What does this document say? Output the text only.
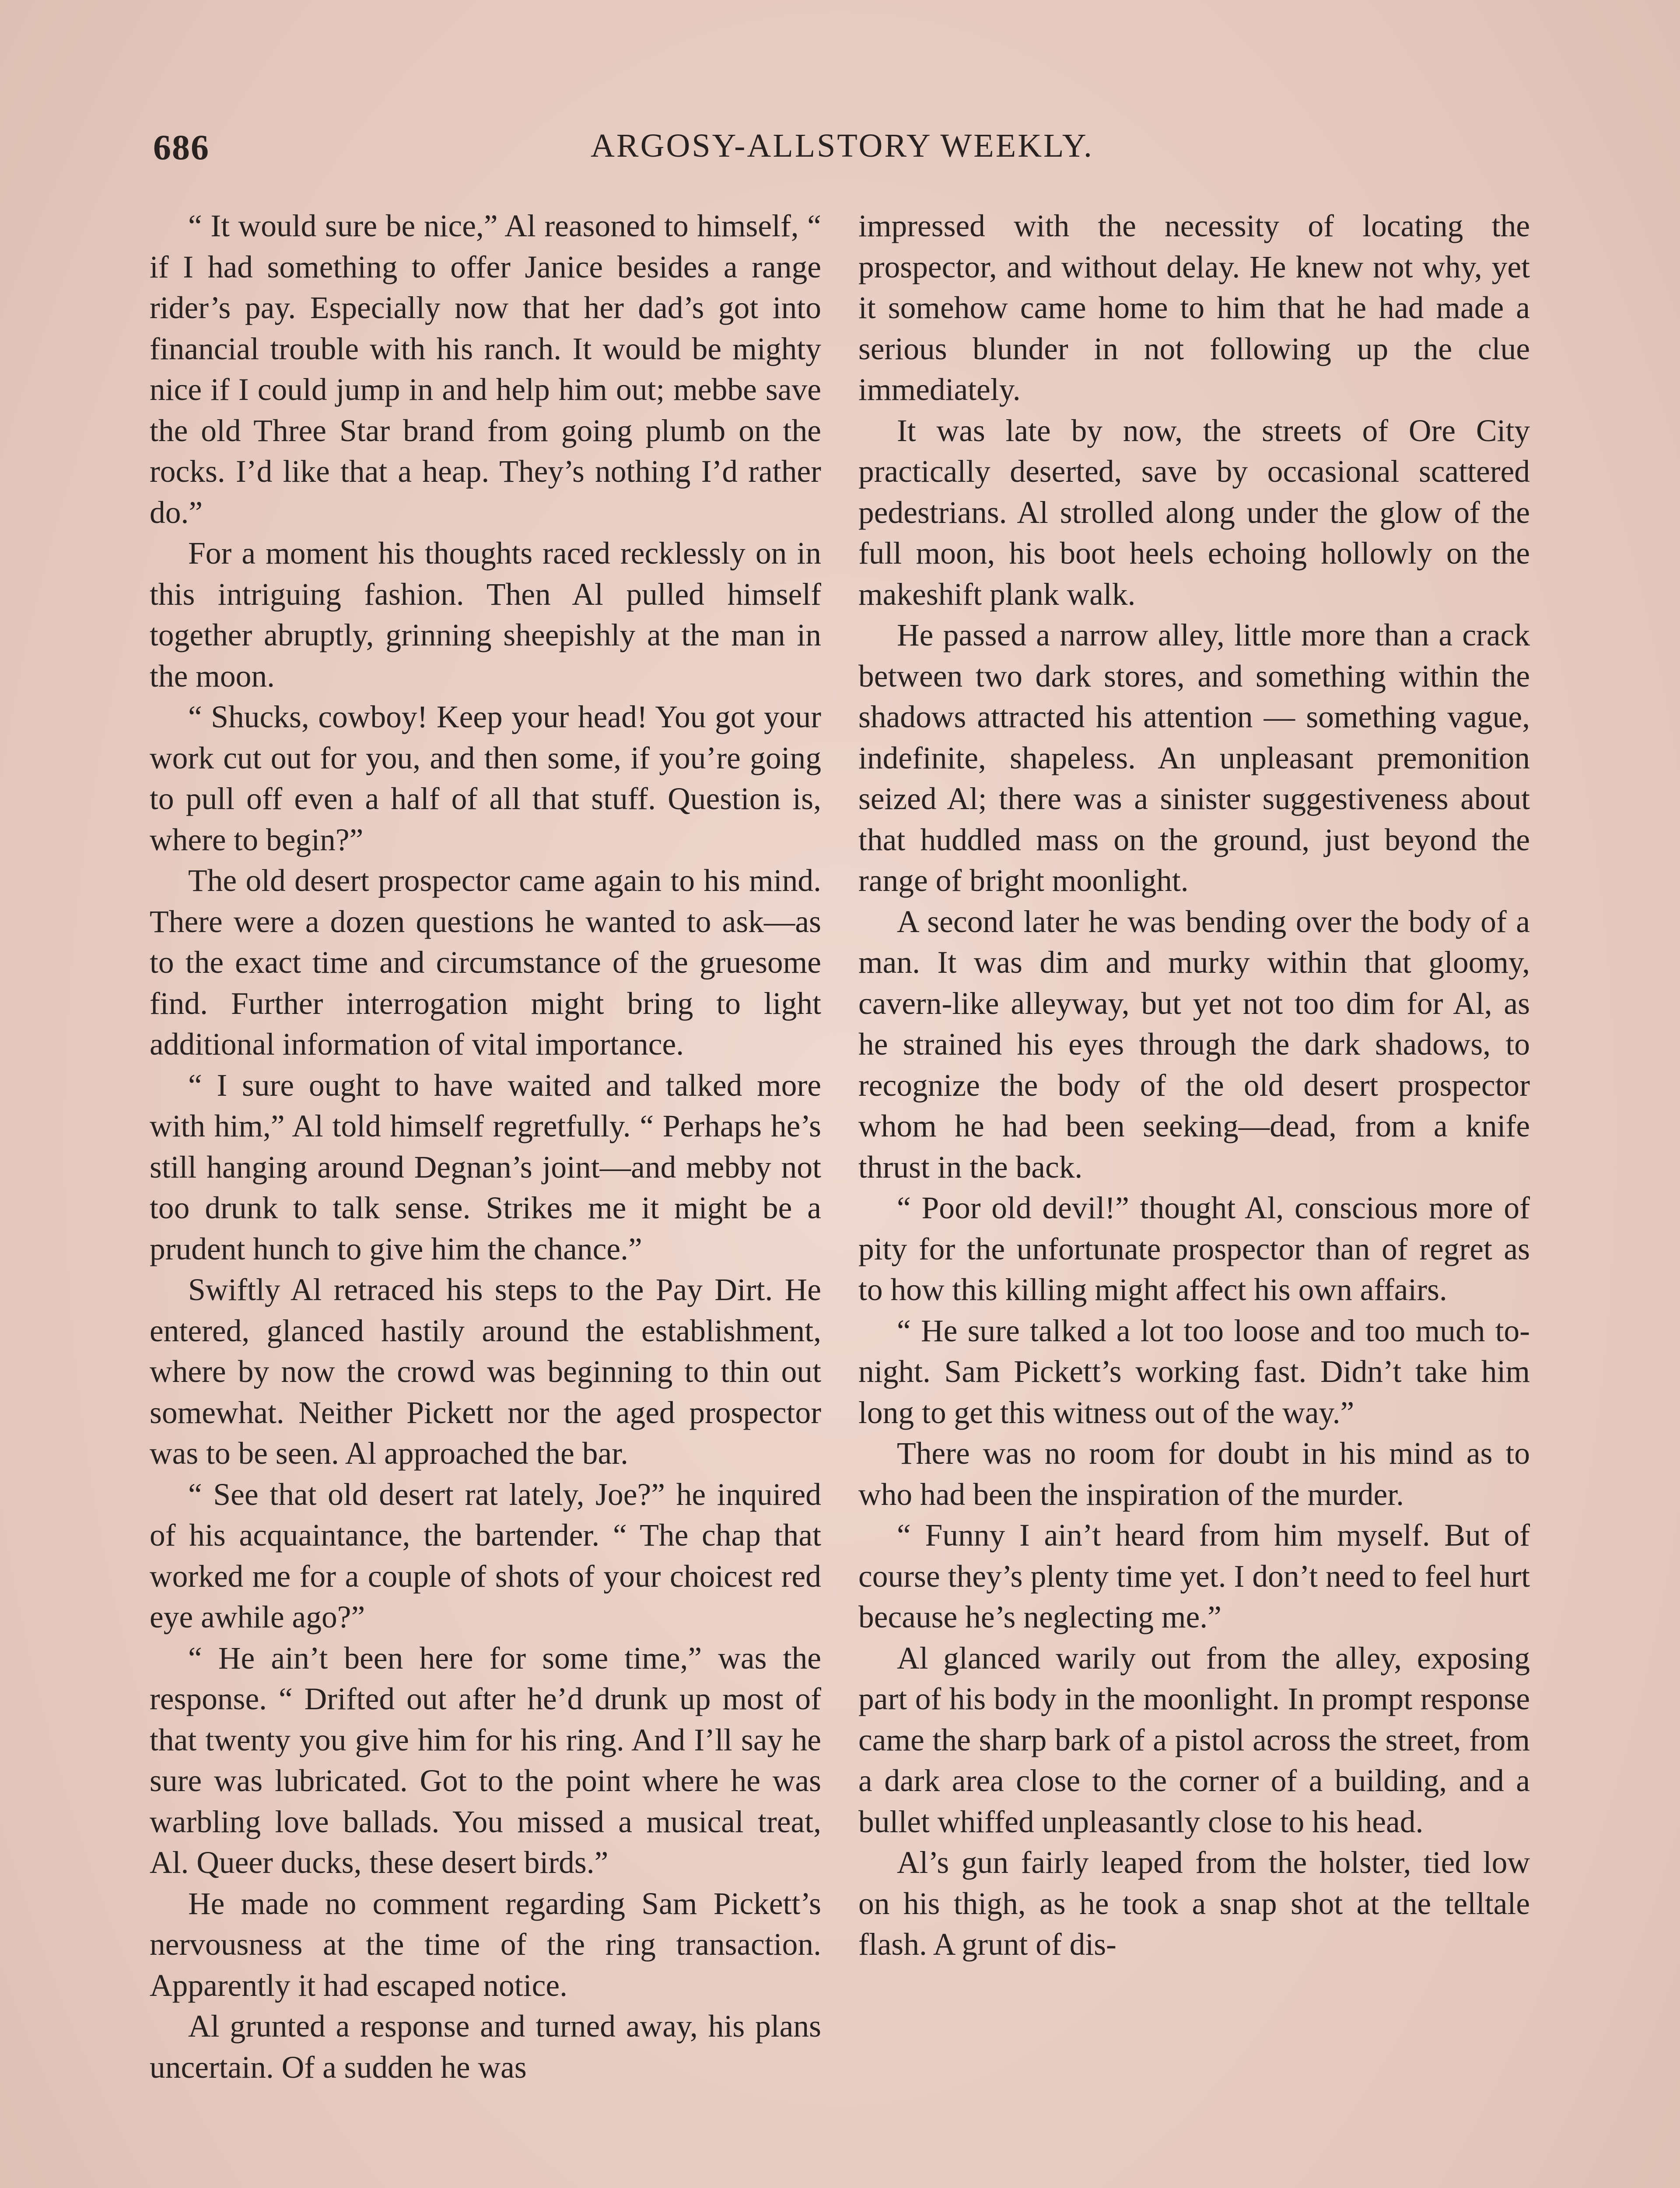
686	ARGOSY-ALLSTORY WEEKLY.

“ It would sure be nice,” Al reasoned to himself, “ if I had something to offer Janice besides a range rider’s pay. Especially now that her dad’s got into financial trouble with his ranch. It would be mighty nice if I could jump in and help him out; mebbe save the old Three Star brand from going plumb on the rocks. I’d like that a heap. They’s nothing I’d rather do.”

For a moment his thoughts raced recklessly on in this intriguing fashion. Then Al pulled himself together abruptly, grinning sheepishly at the man in the moon.

“ Shucks, cowboy! Keep your head! You got your work cut out for you, and then some, if you’re going to pull off even a half of all that stuff. Question is, where to begin?”

The old desert prospector came again to his mind. There were a dozen questions he wanted to ask—as to the exact time and circumstance of the gruesome find. Further interrogation might bring to light additional information of vital importance.

“ I sure ought to have waited and talked more with him,” Al told himself regretfully. “ Perhaps he’s still hanging around Degnan’s joint—and mebby not too drunk to talk sense. Strikes me it might be a prudent hunch to give him the chance.”

Swiftly Al retraced his steps to the Pay Dirt. He entered, glanced hastily around the establishment, where by now the crowd was beginning to thin out somewhat. Neither Pickett nor the aged prospector was to be seen. Al approached the bar.

“ See that old desert rat lately, Joe?” he inquired of his acquaintance, the bartender. “ The chap that worked me for a couple of shots of your choicest red eye awhile ago?”

“ He ain’t been here for some time,” was the response. “ Drifted out after he’d drunk up most of that twenty you give him for his ring. And I’ll say he sure was lubricated. Got to the point where he was warbling love ballads. You missed a musical treat, Al. Queer ducks, these desert birds.”

He made no comment regarding Sam Pickett’s nervousness at the time of the ring transaction. Apparently it had escaped notice.

Al grunted a response and turned away, his plans uncertain. Of a sudden he was

impressed with the necessity of locating the prospector, and without delay. He knew not why, yet it somehow came home to him that he had made a serious blunder in not following up the clue immediately.

It was late by now, the streets of Ore City practically deserted, save by occasional scattered pedestrians. Al strolled along under the glow of the full moon, his boot heels echoing hollowly on the makeshift plank walk.

He passed a narrow alley, little more than a crack between two dark stores, and something within the shadows attracted his attention — something vague, indefinite, shapeless. An unpleasant premonition seized Al; there was a sinister suggestiveness about that huddled mass on the ground, just beyond the range of bright moonlight.

A second later he was bending over the body of a man. It was dim and murky within that gloomy, cavern-like alleyway, but yet not too dim for Al, as he strained his eyes through the dark shadows, to recognize the body of the old desert prospector whom he had been seeking—dead, from a knife thrust in the back.

“ Poor old devil!” thought Al, conscious more of pity for the unfortunate prospector than of regret as to how this killing might affect his own affairs.

“ He sure talked a lot too loose and too much to-night. Sam Pickett’s working fast. Didn’t take him long to get this witness out of the way.”

There was no room for doubt in his mind as to who had been the inspiration of the murder.

“ Funny I ain’t heard from him myself. But of course they’s plenty time yet. I don’t need to feel hurt because he’s neglecting me.”

Al glanced warily out from the alley, exposing part of his body in the moonlight. In prompt response came the sharp bark of a pistol across the street, from a dark area close to the corner of a building, and a bullet whiffed unpleasantly close to his head.

Al’s gun fairly leaped from the holster, tied low on his thigh, as he took a snap shot at the telltale flash. A grunt of dis-
